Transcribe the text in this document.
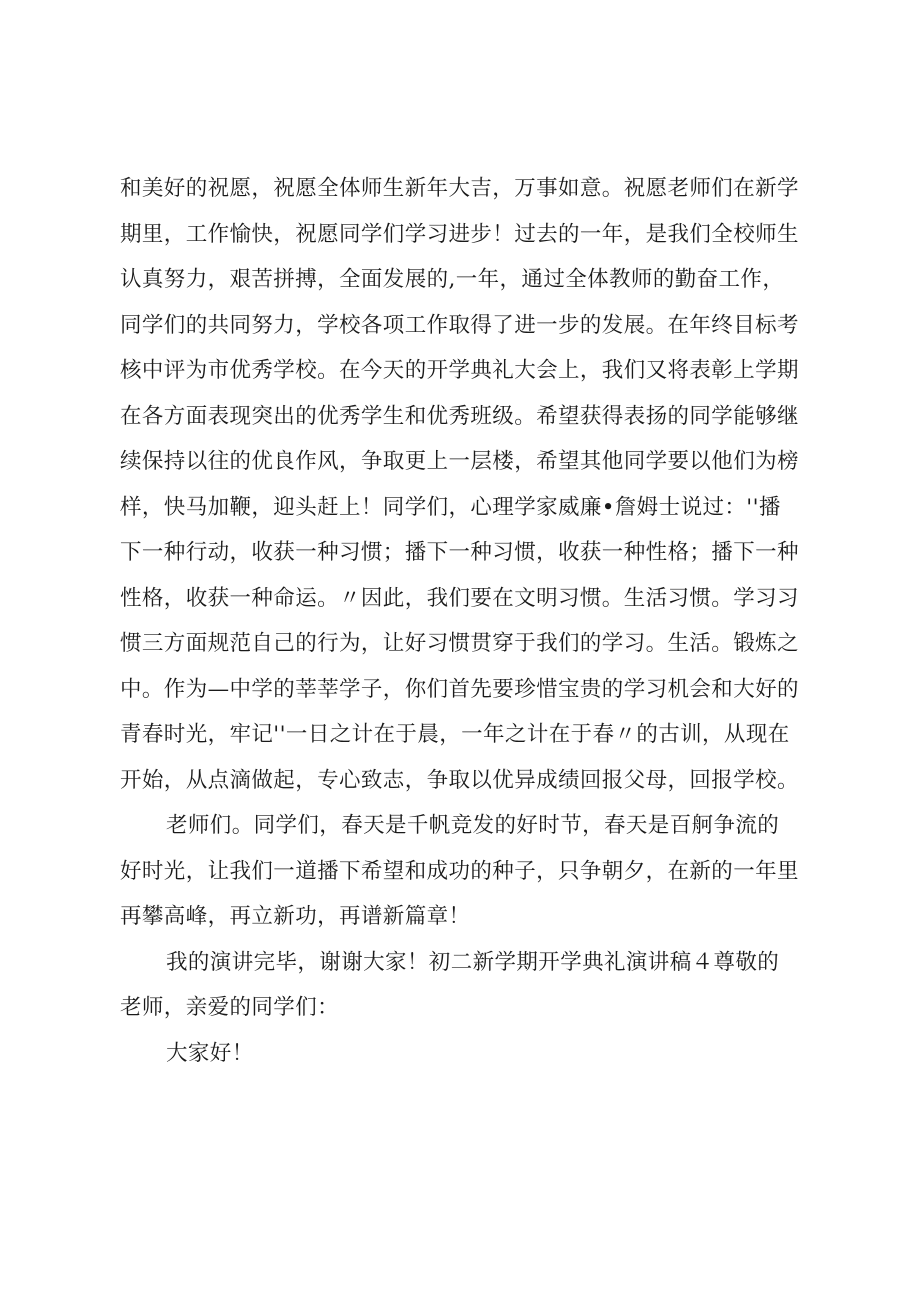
和美好的祝愿，祝愿全体师生新年大吉，万事如意。祝愿老师们在新学
期里，工作愉快，祝愿同学们学习进步！过去的一年，是我们全校师生
认真努力，艰苦拼搏，全面发展的,一年，通过全体教师的勤奋工作，
同学们的共同努力，学校各项工作取得了进一步的发展。在年终目标考
核中评为市优秀学校。在今天的开学典礼大会上，我们又将表彰上学期
在各方面表现突出的优秀学生和优秀班级。希望获得表扬的同学能够继
续保持以往的优良作风，争取更上一层楼，希望其他同学要以他们为榜
样，快马加鞭，迎头赶上！同学们，心理学家威廉•詹姆士说过：''播
下一种行动，收获一种习惯；播下一种习惯，收获一种性格；播下一种
性格，收获一种命运。〃因此，我们要在文明习惯。生活习惯。学习习
惯三方面规范自己的行为，让好习惯贯穿于我们的学习。生活。锻炼之
中。作为—中学的莘莘学子，你们首先要珍惜宝贵的学习机会和大好的
青春时光，牢记''一日之计在于晨，一年之计在于春〃的古训，从现在
开始，从点滴做起，专心致志，争取以优异成绩回报父母，回报学校。
老师们。同学们，春天是千帆竞发的好时节，春天是百舸争流的
好时光，让我们一道播下希望和成功的种子，只争朝夕，在新的一年里
再攀高峰，再立新功，再谱新篇章！
我的演讲完毕，谢谢大家！初二新学期开学典礼演讲稿４尊敬的
老师，亲爱的同学们：
大家好！
